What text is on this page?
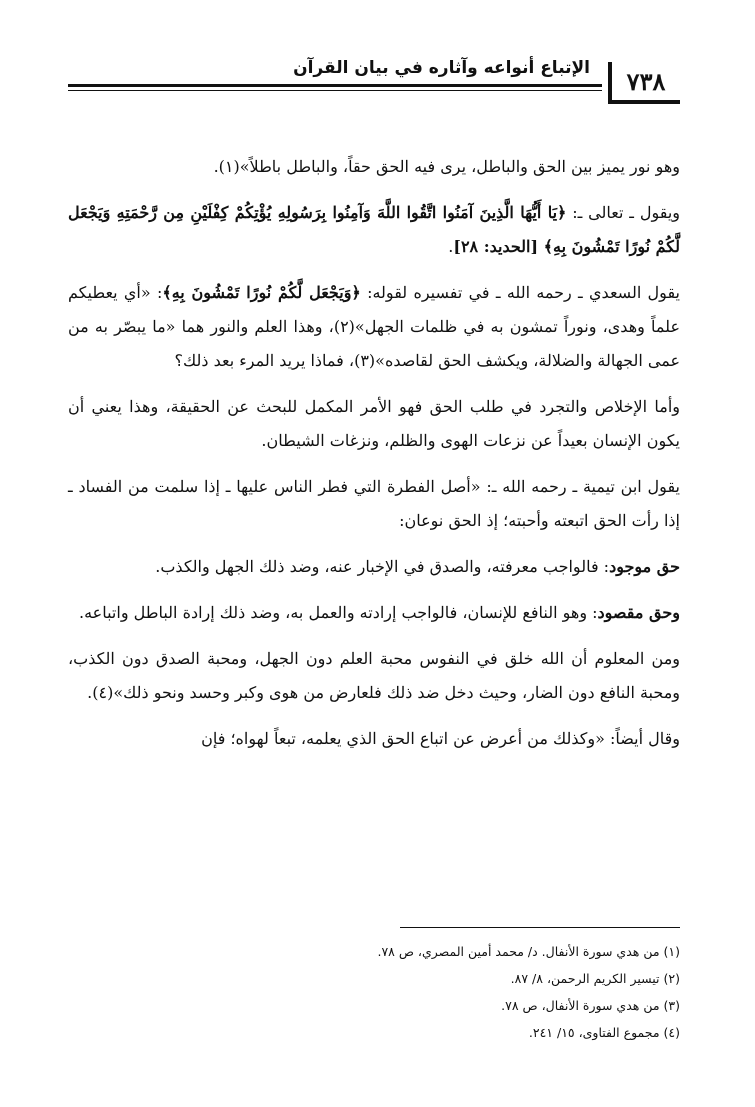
٧٣٨
الإتباع أنواعه وآثاره في بيان القرآن

وهو نور يميز بين الحق والباطل، يرى فيه الحق حقاً، والباطل باطلاً»(١).

ويقول ـ تعالى ـ: ﴿يَا أَيُّهَا الَّذِينَ آمَنُوا اتَّقُوا اللَّهَ وَآمِنُوا بِرَسُولِهِ يُؤْتِكُمْ كِفْلَيْنِ مِن رَّحْمَتِهِ وَيَجْعَل لَّكُمْ نُورًا تَمْشُونَ بِهِ﴾ [الحديد: ٢٨].

يقول السعدي ـ رحمه الله ـ في تفسيره لقوله: ﴿وَيَجْعَل لَّكُمْ نُورًا تَمْشُونَ بِهِ﴾: «أي يعطيكم علماً وهدى، ونوراً تمشون به في ظلمات الجهل»(٢)، وهذا العلم والنور هما «ما يبصّر به من عمى الجهالة والضلالة، ويكشف الحق لقاصده»(٣)، فماذا يريد المرء بعد ذلك؟

وأما الإخلاص والتجرد في طلب الحق فهو الأمر المكمل للبحث عن الحقيقة، وهذا يعني أن يكون الإنسان بعيداً عن نزعات الهوى والظلم، ونزغات الشيطان.

يقول ابن تيمية ـ رحمه الله ـ: «أصل الفطرة التي فطر الناس عليها ـ إذا سلمت من الفساد ـ إذا رأت الحق اتبعته وأحبته؛ إذ الحق نوعان:

حق موجود: فالواجب معرفته، والصدق في الإخبار عنه، وضد ذلك الجهل والكذب.

وحق مقصود: وهو النافع للإنسان، فالواجب إرادته والعمل به، وضد ذلك إرادة الباطل واتباعه.

ومن المعلوم أن الله خلق في النفوس محبة العلم دون الجهل، ومحبة الصدق دون الكذب، ومحبة النافع دون الضار، وحيث دخل ضد ذلك فلعارض من هوى وكبر وحسد ونحو ذلك»(٤).

وقال أيضاً: «وكذلك من أعرض عن اتباع الحق الذي يعلمه، تبعاً لهواه؛ فإن

(١) من هدي سورة الأنفال. د/ محمد أمين المصري، ص ٧٨.
(٢) تيسير الكريم الرحمن، ٨/ ٨٧.
(٣) من هدي سورة الأنفال، ص ٧٨.
(٤) مجموع الفتاوى، ١٥/ ٢٤١.
